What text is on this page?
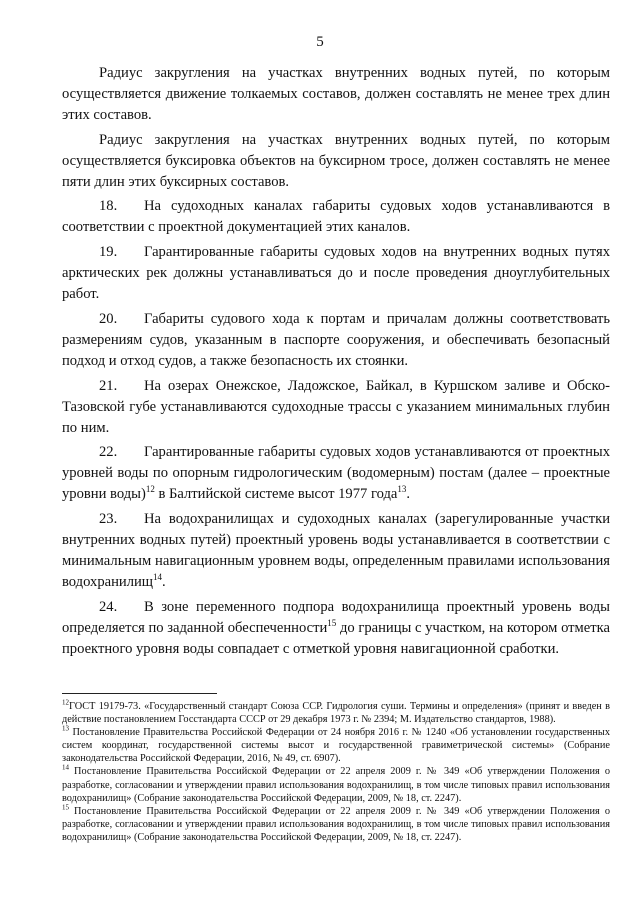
5

Радиус закругления на участках внутренних водных путей, по которым осуществляется движение толкаемых составов, должен составлять не менее трех длин этих составов.

Радиус закругления на участках внутренних водных путей, по которым осуществляется буксировка объектов на буксирном тросе, должен составлять не менее пяти длин этих буксирных составов.

18. На судоходных каналах габариты судовых ходов устанавливаются в соответствии с проектной документацией этих каналов.

19. Гарантированные габариты судовых ходов на внутренних водных путях арктических рек должны устанавливаться до и после проведения дноуглубительных работ.

20. Габариты судового хода к портам и причалам должны соответствовать размерениям судов, указанным в паспорте сооружения, и обеспечивать безопасный подход и отход судов, а также безопасность их стоянки.

21. На озерах Онежское, Ладожское, Байкал, в Куршском заливе и Обско-Тазовской губе устанавливаются судоходные трассы с указанием минимальных глубин по ним.

22. Гарантированные габариты судовых ходов устанавливаются от проектных уровней воды по опорным гидрологическим (водомерным) постам (далее – проектные уровни воды)$^{12}$ в Балтийской системе высот 1977 года$^{13}$.

23. На водохранилищах и судоходных каналах (зарегулированные участки внутренних водных путей) проектный уровень воды устанавливается в соответствии с минимальным навигационным уровнем воды, определенным правилами использования водохранилищ$^{14}$.

24. В зоне переменного подпора водохранилища проектный уровень воды определяется по заданной обеспеченности$^{15}$ до границы с участком, на котором отметка проектного уровня воды совпадает с отметкой уровня навигационной сработки.

$^{12}$ГОСТ 19179-73. «Государственный стандарт Союза ССР. Гидрология суши. Термины и определения» (принят и введен в действие постановлением Госстандарта СССР от 29 декабря 1973 г. № 2394; М. Издательство стандартов, 1988).

$^{13}$ Постановление Правительства Российской Федерации от 24 ноября 2016 г. № 1240 «Об установлении государственных систем координат, государственной системы высот и государственной гравиметрической системы» (Собрание законодательства Российской Федерации, 2016, № 49, ст. 6907).

$^{14}$ Постановление Правительства Российской Федерации от 22 апреля 2009 г. № 349 «Об утверждении Положения о разработке, согласовании и утверждении правил использования водохранилищ, в том числе типовых правил использования водохранилищ» (Собрание законодательства Российской Федерации, 2009, № 18, ст. 2247).

$^{15}$ Постановление Правительства Российской Федерации от 22 апреля 2009 г. № 349 «Об утверждении Положения о разработке, согласовании и утверждении правил использования водохранилищ, в том числе типовых правил использования водохранилищ» (Собрание законодательства Российской Федерации, 2009, № 18, ст. 2247).
